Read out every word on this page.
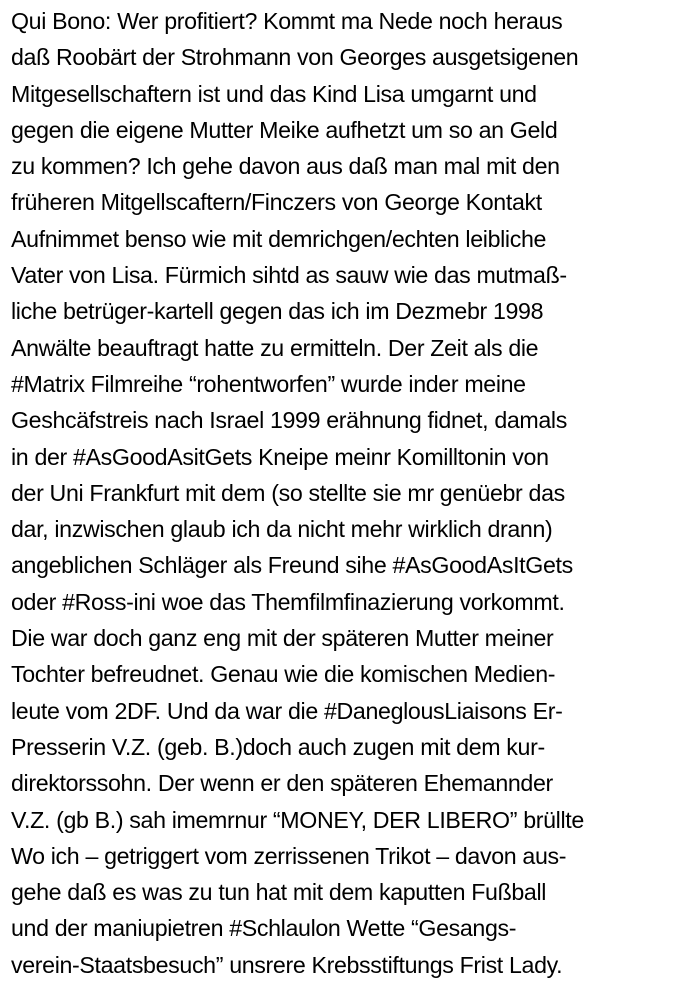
Qui Bono: Wer profitiert? Kommt ma Nede noch heraus
daß Roobärt der Strohmann von Georges ausgetsigenen
Mitgesellschaftern ist und das Kind Lisa umgarnt und
gegen die eigene Mutter Meike aufhetzt um so an Geld
zu kommen? Ich gehe davon aus daß man mal mit den
früheren Mitgellscaftern/Finczers von George Kontakt
Aufnimmet benso wie mit demrichgen/echten leibliche
Vater von Lisa. Fürmich sihtd as sauw wie das mutmaß-
liche betrüger-kartell gegen das ich im Dezmebr 1998
Anwälte beauftragt hatte zu ermitteln. Der Zeit als die
#Matrix Filmreihe “rohentworfen” wurde inder meine
Geshcäfstreis nach Israel 1999 erähnung fidnet, damals
in der #AsGoodAsitGets Kneipe meinr Komilltonin von
der Uni Frankfurt mit dem (so stellte sie mr genüebr das
dar, inzwischen glaub ich da nicht mehr wirklich drann)
angeblichen Schläger als Freund sihe #AsGoodAsItGets
oder #Ross-ini woe das Themfilmfinazierung vorkommt.
Die war doch ganz eng mit der späteren Mutter meiner
Tochter befreudnet. Genau wie die komischen Medien-
leute vom 2DF. Und da war die #DaneglousLiaisons Er-
Presserin V.Z. (geb. B.)doch auch zugen mit dem kur-
direktorssohn. Der wenn er den späteren Ehemannder
V.Z. (gb B.) sah imemrnur “MONEY, DER LIBERO” brüllte
Wo ich – getriggert vom zerrissenen Trikot – davon aus-
gehe daß es was zu tun hat mit dem kaputten Fußball
und der maniupietren #Schlaulon Wette “Gesangs-
verein-Staatsbesuch” unsrere Krebsstiftungs Frist Lady.
